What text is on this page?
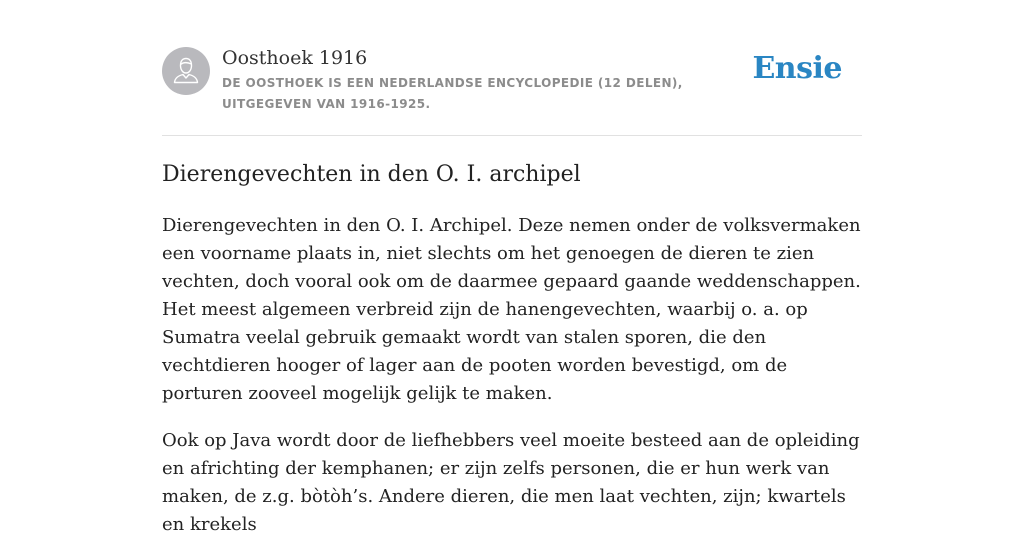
Oosthoek 1916
DE OOSTHOEK IS EEN NEDERLANDSE ENCYCLOPEDIE (12 DELEN), UITGEGEVEN VAN 1916-1925.
Ensie
Dierengevechten in den O. I. archipel

Dierengevechten in den O. I. Archipel. Deze nemen onder de volksvermaken een voorname plaats in, niet slechts om het genoegen de dieren te zien vechten, doch vooral ook om de daarmee gepaard gaande weddenschappen. Het meest algemeen verbreid zijn de hanengevechten, waarbij o. a. op Sumatra veelal gebruik gemaakt wordt van stalen sporen, die den vechtdieren hooger of lager aan de pooten worden bevestigd, om de porturen zooveel mogelijk gelijk te maken.

Ook op Java wordt door de liefhebbers veel moeite besteed aan de opleiding en africhting der kemphanen; er zijn zelfs personen, die er hun werk van maken, de z.g. bòtòh’s. Andere dieren, die men laat vechten, zijn; kwartels en krekels
